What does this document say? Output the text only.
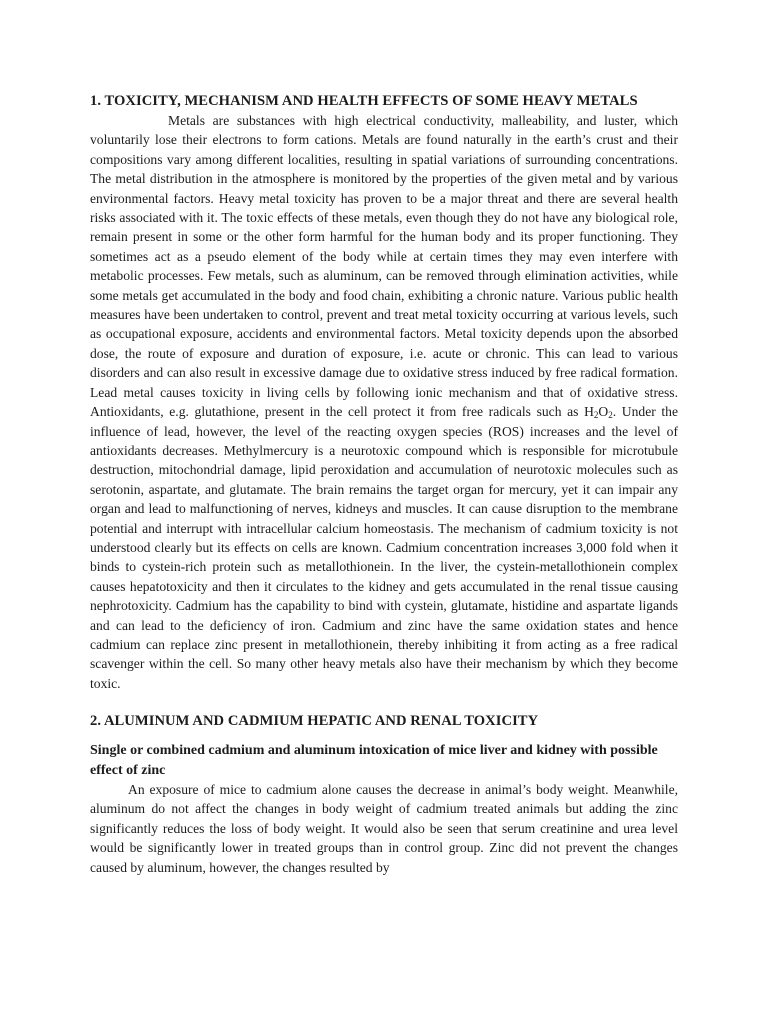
1. TOXICITY, MECHANISM AND HEALTH EFFECTS OF SOME HEAVY METALS

Metals are substances with high electrical conductivity, malleability, and luster, which voluntarily lose their electrons to form cations. Metals are found naturally in the earth’s crust and their compositions vary among different localities, resulting in spatial variations of surrounding concentrations. The metal distribution in the atmosphere is monitored by the properties of the given metal and by various environmental factors. Heavy metal toxicity has proven to be a major threat and there are several health risks associated with it. The toxic effects of these metals, even though they do not have any biological role, remain present in some or the other form harmful for the human body and its proper functioning. They sometimes act as a pseudo element of the body while at certain times they may even interfere with metabolic processes. Few metals, such as aluminum, can be removed through elimination activities, while some metals get accumulated in the body and food chain, exhibiting a chronic nature. Various public health measures have been undertaken to control, prevent and treat metal toxicity occurring at various levels, such as occupational exposure, accidents and environmental factors. Metal toxicity depends upon the absorbed dose, the route of exposure and duration of exposure, i.e. acute or chronic. This can lead to various disorders and can also result in excessive damage due to oxidative stress induced by free radical formation. Lead metal causes toxicity in living cells by following ionic mechanism and that of oxidative stress. Antioxidants, e.g. glutathione, present in the cell protect it from free radicals such as $H_2O_2$. Under the influence of lead, however, the level of the reacting oxygen species (ROS) increases and the level of antioxidants decreases. Methylmercury is a neurotoxic compound which is responsible for microtubule destruction, mitochondrial damage, lipid peroxidation and accumulation of neurotoxic molecules such as serotonin, aspartate, and glutamate. The brain remains the target organ for mercury, yet it can impair any organ and lead to malfunctioning of nerves, kidneys and muscles. It can cause disruption to the membrane potential and interrupt with intracellular calcium homeostasis. The mechanism of cadmium toxicity is not understood clearly but its effects on cells are known. Cadmium concentration increases 3,000 fold when it binds to cystein-rich protein such as metallothionein. In the liver, the cystein-metallothionein complex causes hepatotoxicity and then it circulates to the kidney and gets accumulated in the renal tissue causing nephrotoxicity. Cadmium has the capability to bind with cystein, glutamate, histidine and aspartate ligands and can lead to the deficiency of iron. Cadmium and zinc have the same oxidation states and hence cadmium can replace zinc present in metallothionein, thereby inhibiting it from acting as a free radical scavenger within the cell. So many other heavy metals also have their mechanism by which they become toxic.

2. ALUMINUM AND CADMIUM HEPATIC AND RENAL TOXICITY

Single or combined cadmium and aluminum intoxication of mice liver and kidney with possible effect of zinc

An exposure of mice to cadmium alone causes the decrease in animal’s body weight. Meanwhile, aluminum do not affect the changes in body weight of cadmium treated animals but adding the zinc significantly reduces the loss of body weight. It would also be seen that serum creatinine and urea level would be significantly lower in treated groups than in control group. Zinc did not prevent the changes caused by aluminum, however, the changes resulted by
